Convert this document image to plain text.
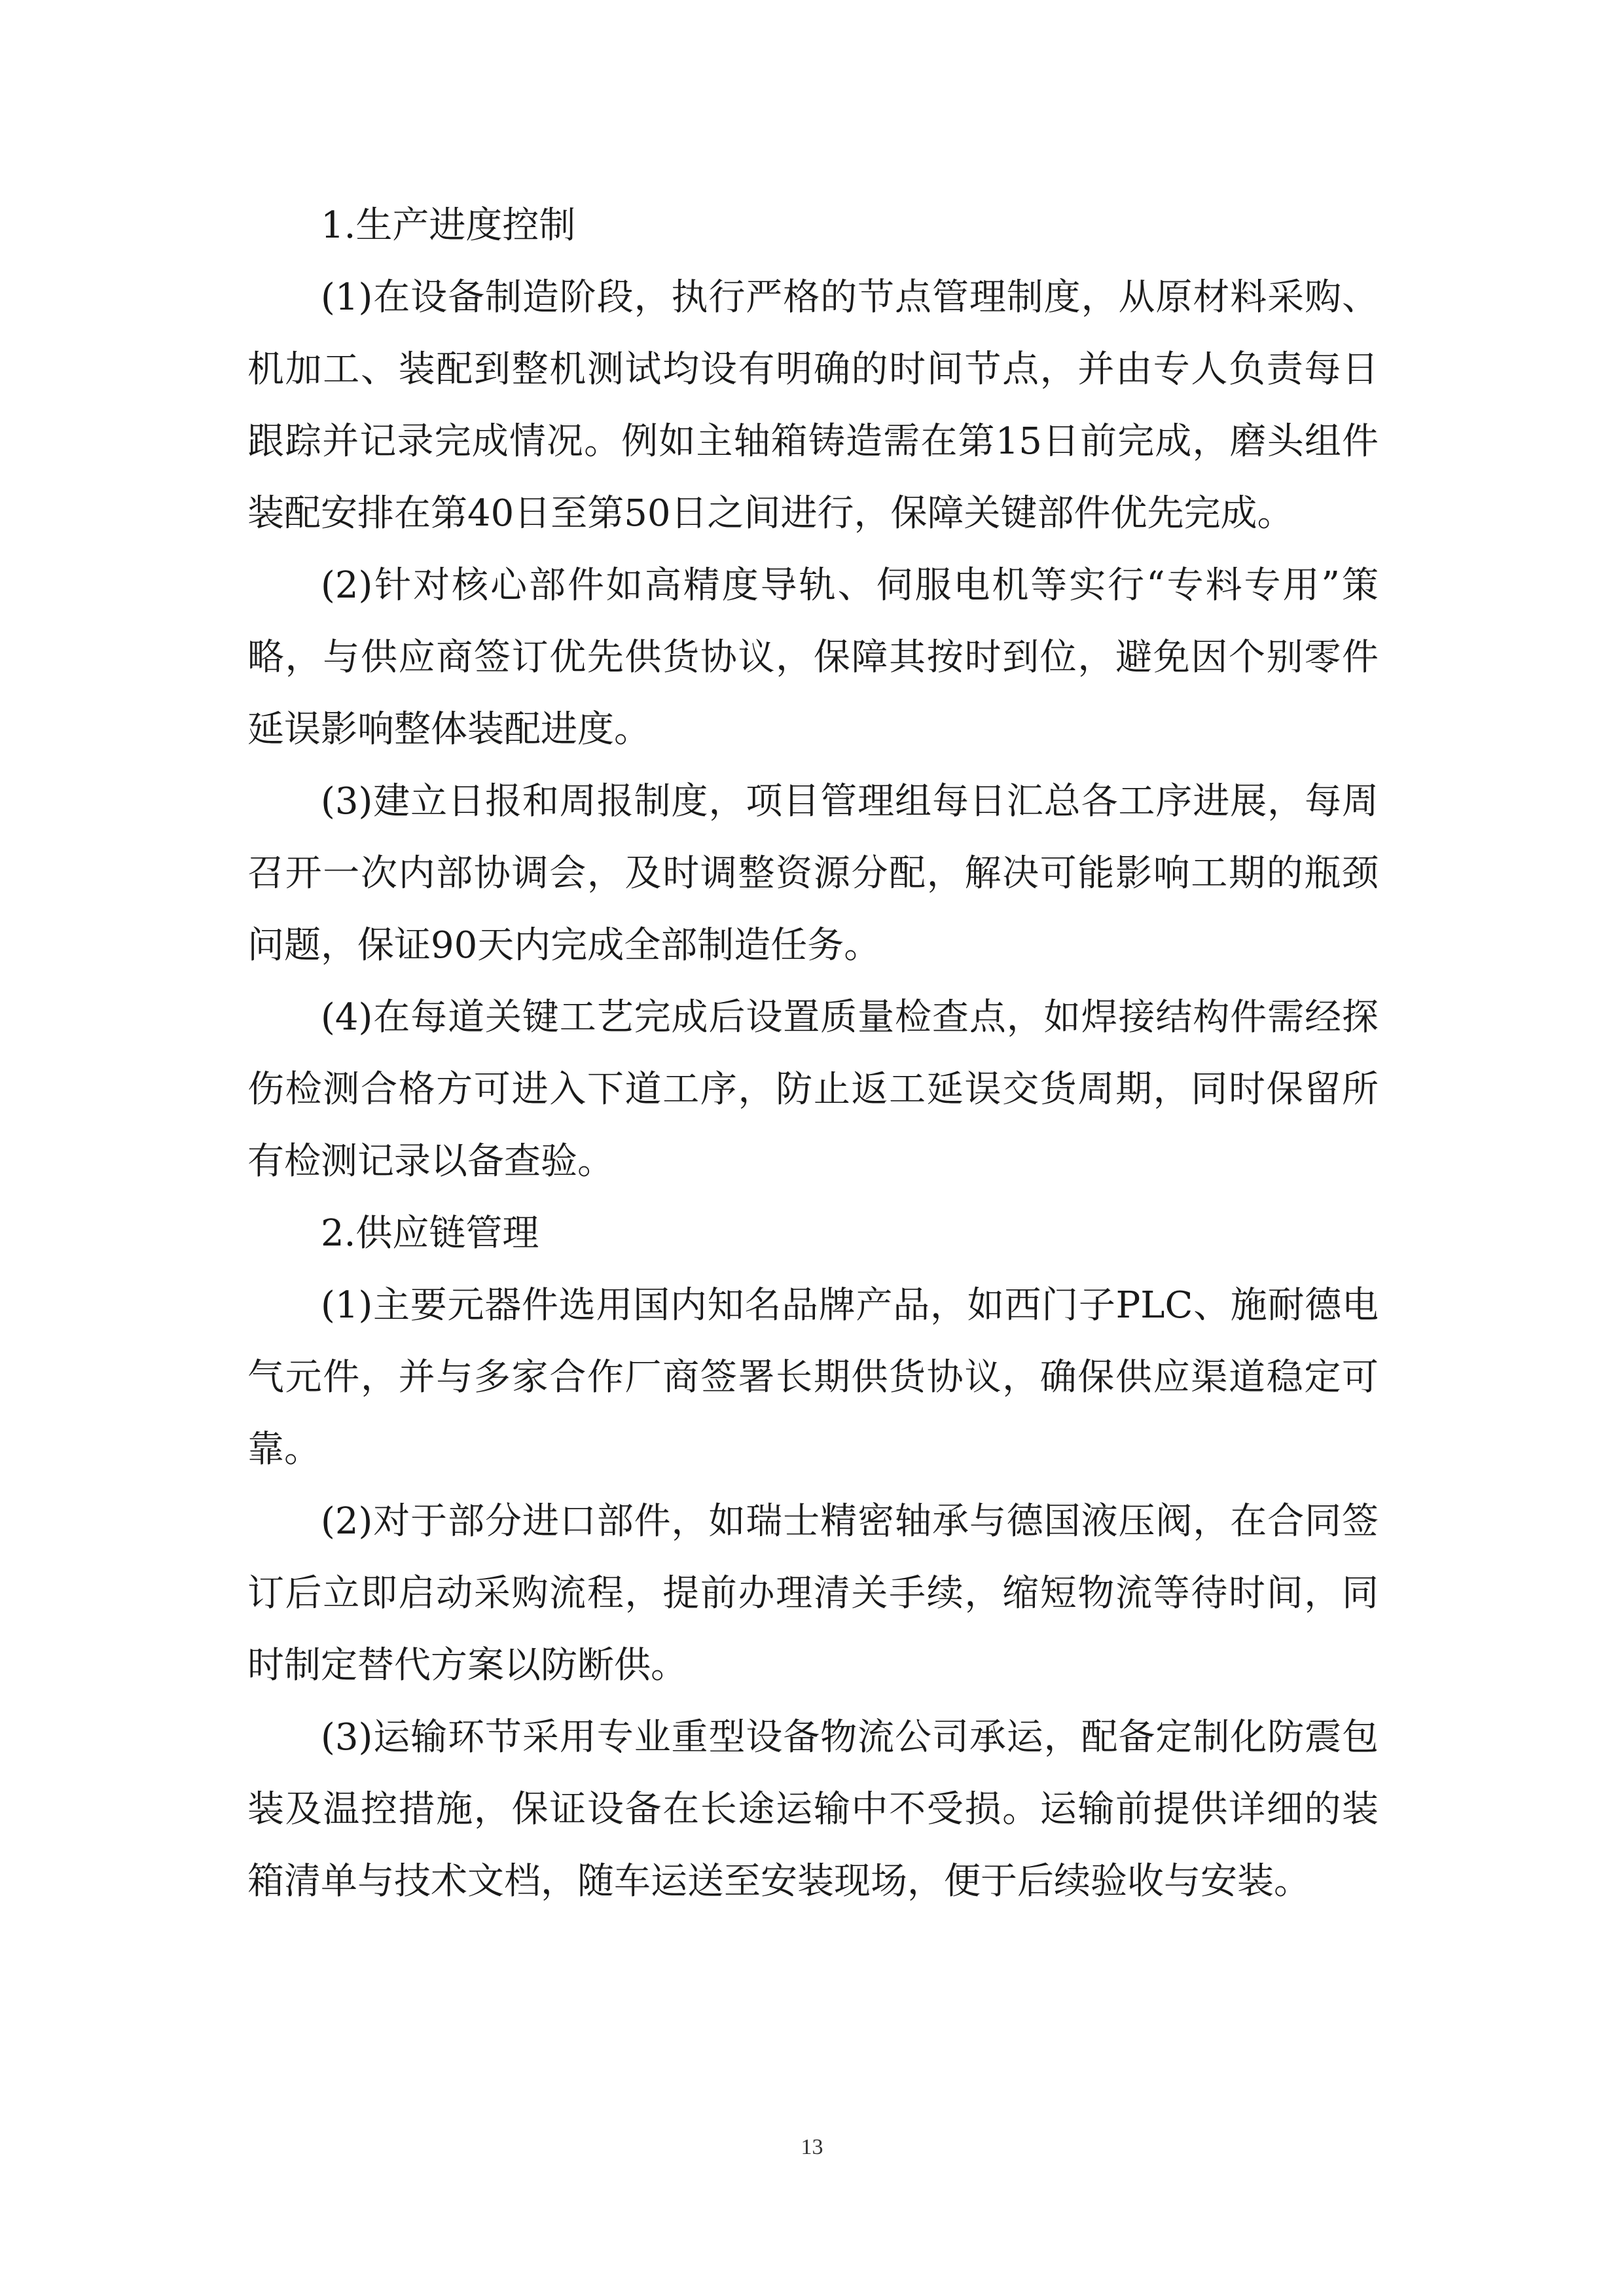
1.生产进度控制

(1)在设备制造阶段，执行严格的节点管理制度，从原材料采购、机加工、装配到整机测试均设有明确的时间节点，并由专人负责每日跟踪并记录完成情况。例如主轴箱铸造需在第15日前完成，磨头组件装配安排在第40日至第50日之间进行，保障关键部件优先完成。

(2)针对核心部件如高精度导轨、伺服电机等实行“专料专用”策略，与供应商签订优先供货协议，保障其按时到位，避免因个别零件延误影响整体装配进度。

(3)建立日报和周报制度，项目管理组每日汇总各工序进展，每周召开一次内部协调会，及时调整资源分配，解决可能影响工期的瓶颈问题，保证90天内完成全部制造任务。

(4)在每道关键工艺完成后设置质量检查点，如焊接结构件需经探伤检测合格方可进入下道工序，防止返工延误交货周期，同时保留所有检测记录以备查验。

2.供应链管理

(1)主要元器件选用国内知名品牌产品，如西门子PLC、施耐德电气元件，并与多家合作厂商签署长期供货协议，确保供应渠道稳定可靠。

(2)对于部分进口部件，如瑞士精密轴承与德国液压阀，在合同签订后立即启动采购流程，提前办理清关手续，缩短物流等待时间，同时制定替代方案以防断供。

(3)运输环节采用专业重型设备物流公司承运，配备定制化防震包装及温控措施，保证设备在长途运输中不受损。运输前提供详细的装箱清单与技术文档，随车运送至安装现场，便于后续验收与安装。

13
